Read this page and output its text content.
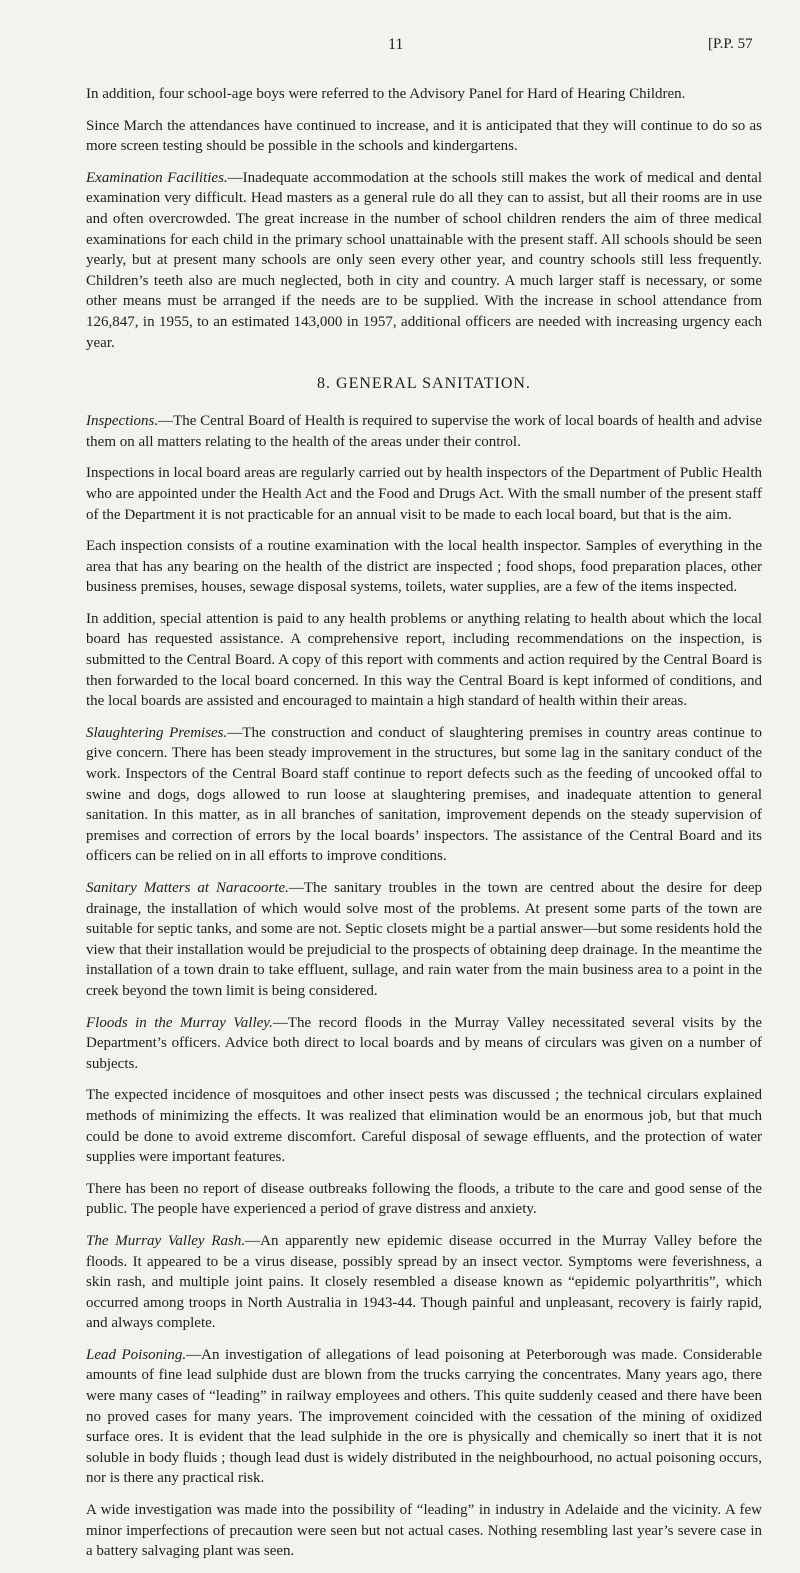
11	[P.P. 57

In addition, four school-age boys were referred to the Advisory Panel for Hard of Hearing Children.

Since March the attendances have continued to increase, and it is anticipated that they will continue to do so as more screen testing should be possible in the schools and kindergartens.

Examination Facilities.—Inadequate accommodation at the schools still makes the work of medical and dental examination very difficult. Head masters as a general rule do all they can to assist, but all their rooms are in use and often overcrowded. The great increase in the number of school children renders the aim of three medical examinations for each child in the primary school unattainable with the present staff. All schools should be seen yearly, but at present many schools are only seen every other year, and country schools still less frequently. Children’s teeth also are much neglected, both in city and country. A much larger staff is necessary, or some other means must be arranged if the needs are to be supplied. With the increase in school attendance from 126,847, in 1955, to an estimated 143,000 in 1957, additional officers are needed with increasing urgency each year.

8. GENERAL SANITATION.

Inspections.—The Central Board of Health is required to supervise the work of local boards of health and advise them on all matters relating to the health of the areas under their control.

Inspections in local board areas are regularly carried out by health inspectors of the Department of Public Health who are appointed under the Health Act and the Food and Drugs Act. With the small number of the present staff of the Department it is not practicable for an annual visit to be made to each local board, but that is the aim.

Each inspection consists of a routine examination with the local health inspector. Samples of everything in the area that has any bearing on the health of the district are inspected ; food shops, food preparation places, other business premises, houses, sewage disposal systems, toilets, water supplies, are a few of the items inspected.

In addition, special attention is paid to any health problems or anything relating to health about which the local board has requested assistance. A comprehensive report, including recommendations on the inspection, is submitted to the Central Board. A copy of this report with comments and action required by the Central Board is then forwarded to the local board concerned. In this way the Central Board is kept informed of conditions, and the local boards are assisted and encouraged to maintain a high standard of health within their areas.

Slaughtering Premises.—The construction and conduct of slaughtering premises in country areas continue to give concern. There has been steady improvement in the structures, but some lag in the sanitary conduct of the work. Inspectors of the Central Board staff continue to report defects such as the feeding of uncooked offal to swine and dogs, dogs allowed to run loose at slaughtering premises, and inadequate attention to general sanitation. In this matter, as in all branches of sanitation, improvement depends on the steady supervision of premises and correction of errors by the local boards’ inspectors. The assistance of the Central Board and its officers can be relied on in all efforts to improve conditions.

Sanitary Matters at Naracoorte.—The sanitary troubles in the town are centred about the desire for deep drainage, the installation of which would solve most of the problems. At present some parts of the town are suitable for septic tanks, and some are not. Septic closets might be a partial answer—but some residents hold the view that their installation would be prejudicial to the prospects of obtaining deep drainage. In the meantime the installation of a town drain to take effluent, sullage, and rain water from the main business area to a point in the creek beyond the town limit is being considered.

Floods in the Murray Valley.—The record floods in the Murray Valley necessitated several visits by the Department’s officers. Advice both direct to local boards and by means of circulars was given on a number of subjects.

The expected incidence of mosquitoes and other insect pests was discussed ; the technical circulars explained methods of minimizing the effects. It was realized that elimination would be an enormous job, but that much could be done to avoid extreme discomfort. Careful disposal of sewage effluents, and the protection of water supplies were important features.

There has been no report of disease outbreaks following the floods, a tribute to the care and good sense of the public. The people have experienced a period of grave distress and anxiety.

The Murray Valley Rash.—An apparently new epidemic disease occurred in the Murray Valley before the floods. It appeared to be a virus disease, possibly spread by an insect vector. Symptoms were feverishness, a skin rash, and multiple joint pains. It closely resembled a disease known as “epidemic polyarthritis”, which occurred among troops in North Australia in 1943-44. Though painful and unpleasant, recovery is fairly rapid, and always complete.

Lead Poisoning.—An investigation of allegations of lead poisoning at Peterborough was made. Considerable amounts of fine lead sulphide dust are blown from the trucks carrying the concentrates. Many years ago, there were many cases of “leading” in railway employees and others. This quite suddenly ceased and there have been no proved cases for many years. The improvement coincided with the cessation of the mining of oxidized surface ores. It is evident that the lead sulphide in the ore is physically and chemically so inert that it is not soluble in body fluids ; though lead dust is widely distributed in the neighbourhood, no actual poisoning occurs, nor is there any practical risk.

A wide investigation was made into the possibility of “leading” in industry in Adelaide and the vicinity. A few minor imperfections of precaution were seen but not actual cases. Nothing resembling last year’s severe case in a battery salvaging plant was seen.
